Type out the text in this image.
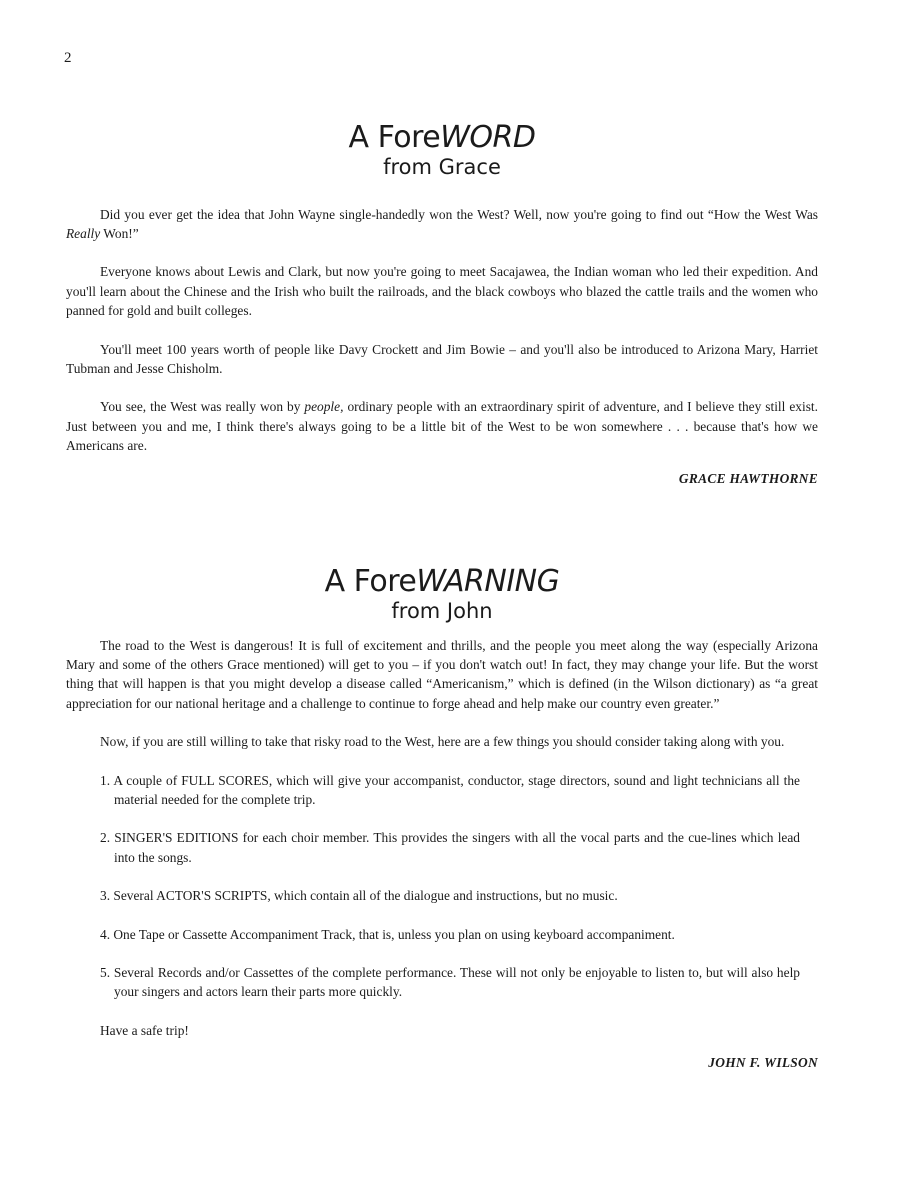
2
A ForeWORD
from Grace

Did you ever get the idea that John Wayne single-handedly won the West? Well, now you're going to find out “How the West Was Really Won!”

Everyone knows about Lewis and Clark, but now you're going to meet Sacajawea, the Indian woman who led their expedition. And you'll learn about the Chinese and the Irish who built the railroads, and the black cowboys who blazed the cattle trails and the women who panned for gold and built colleges.

You'll meet 100 years worth of people like Davy Crockett and Jim Bowie – and you'll also be introduced to Arizona Mary, Harriet Tubman and Jesse Chisholm.

You see, the West was really won by people, ordinary people with an extraordinary spirit of adventure, and I believe they still exist. Just between you and me, I think there's always going to be a little bit of the West to be won somewhere . . . because that's how we Americans are.

GRACE HAWTHORNE
A ForeWARNING
from John

The road to the West is dangerous! It is full of excitement and thrills, and the people you meet along the way (especially Arizona Mary and some of the others Grace mentioned) will get to you – if you don't watch out! In fact, they may change your life. But the worst thing that will happen is that you might develop a disease called “Americanism,” which is defined (in the Wilson dictionary) as “a great appreciation for our national heritage and a challenge to continue to forge ahead and help make our country even greater.”

Now, if you are still willing to take that risky road to the West, here are a few things you should consider taking along with you.

1. A couple of FULL SCORES, which will give your accompanist, conductor, stage directors, sound and light technicians all the material needed for the complete trip.
2. SINGER'S EDITIONS for each choir member. This provides the singers with all the vocal parts and the cue-lines which lead into the songs.
3. Several ACTOR'S SCRIPTS, which contain all of the dialogue and instructions, but no music.
4. One Tape or Cassette Accompaniment Track, that is, unless you plan on using keyboard accompaniment.
5. Several Records and/or Cassettes of the complete performance. These will not only be enjoyable to listen to, but will also help your singers and actors learn their parts more quickly.
Have a safe trip!
JOHN F. WILSON
